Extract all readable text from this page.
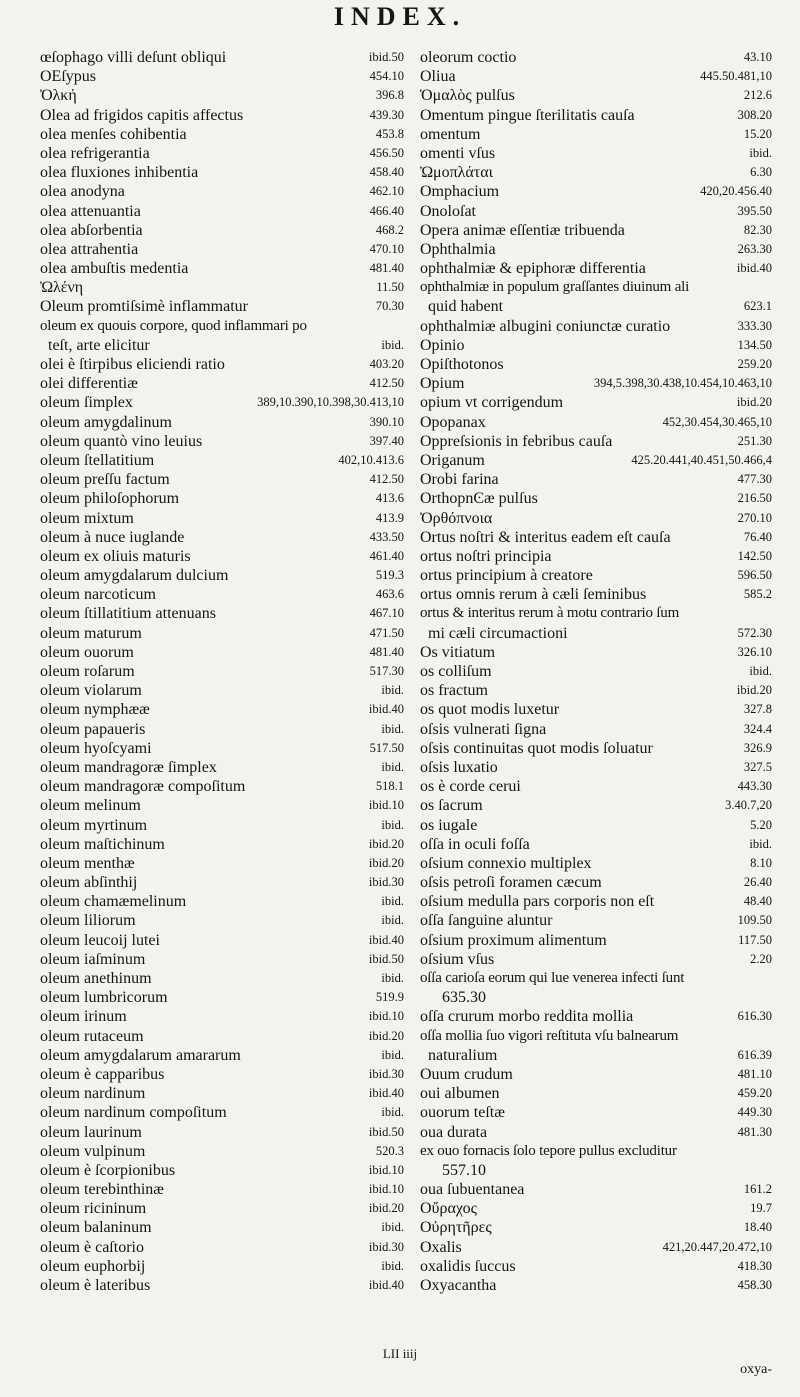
INDEX.
œſophago villi deſunt obliqui	ibid.50
OEſypus	454.10
Ὀλκή	396.8
Olea ad frigidos capitis affectus	439.30
olea menſes cohibentia	453.8
olea refrigerantia	456.50
olea fluxiones inhibentia	458.40
olea anodyna	462.10
olea attenuantia	466.40
olea abſorbentia	468.2
olea attrahentia	470.10
olea ambuſtis medentia	481.40
Ὠλένη	11.50
Oleum promtiſsimè inflammatur	70.30
oleum ex quouis corpore, quod inflammari po
teſt, arte elicitur	ibid.
olei è ſtirpibus eliciendi ratio	403.20
olei differentiæ	412.50
oleum ſimplex	389,10.390,10.398,30.413,10
oleum amygdalinum	390.10
oleum quantò vino leuius	397.40
oleum ſtellatitium	402,10.413.6
oleum preſſu factum	412.50
oleum philoſophorum	413.6
oleum mixtum	413.9
oleum à nuce iuglande	433.50
oleum ex oliuis maturis	461.40
oleum amygdalarum dulcium	519.3
oleum narcoticum	463.6
oleum ſtillatitium attenuans	467.10
oleum maturum	471.50
oleum ouorum	481.40
oleum roſarum	517.30
oleum violarum	ibid.
oleum nymphææ	ibid.40
oleum papaueris	ibid.
oleum hyoſcyami	517.50
oleum mandragoræ ſimplex	ibid.
oleum mandragoræ compoſitum	518.1
oleum melinum	ibid.10
oleum myrtinum	ibid.
oleum maſtichinum	ibid.20
oleum menthæ	ibid.20
oleum abſinthij	ibid.30
oleum chamæmelinum	ibid.
oleum liliorum	ibid.
oleum leucoij lutei	ibid.40
oleum iaſminum	ibid.50
oleum anethinum	ibid.
oleum lumbricorum	519.9
oleum irinum	ibid.10
oleum rutaceum	ibid.20
oleum amygdalarum amararum	ibid.
oleum è capparibus	ibid.30
oleum nardinum	ibid.40
oleum nardinum compoſitum	ibid.
oleum laurinum	ibid.50
oleum vulpinum	520.3
oleum è ſcorpionibus	ibid.10
oleum terebinthinæ	ibid.10
oleum ricininum	ibid.20
oleum balaninum	ibid.
oleum è caſtorio	ibid.30
oleum euphorbij	ibid.
oleum è lateribus	ibid.40
oleorum coctio	43.10
Oliua	445.50.481,10
Ὁμαλὸς pulſus	212.6
Omentum pingue ſterilitatis cauſa	308.20
omentum	15.20
omenti vſus	ibid.
Ὠμοπλάται	6.30
Omphacium	420,20.456.40
Onoloſat	395.50
Opera animæ eſſentiæ tribuenda	82.30
Ophthalmia	263.30
ophthalmiæ & epiphoræ differentia	ibid.40
ophthalmiæ in populum graſſantes diuinum ali
quid habent	623.1
ophthalmiæ albugini coniunctæ curatio	333.30
Opinio	134.50
Opiſthotonos	259.20
Opium	394,5.398,30.438,10.454,10.463,10
opium vt corrigendum	ibid.20
Opopanax	452,30.454,30.465,10
Oppreſsionis in febribus cauſa	251.30
Origanum	425.20.441,40.451,50.466,4
Orobi farina	477.30
OrthopnϾæ pulſus	216.50
Ὀρθόπνοια	270.10
Ortus noſtri & interitus eadem eſt cauſa	76.40
ortus noſtri principia	142.50
ortus principium à creatore	596.50
ortus omnis rerum à cæli ſeminibus	585.2
ortus & interitus rerum à motu contrario ſum
mi cæli circumactioni	572.30
Os vitiatum	326.10
os colliſum	ibid.
os fractum	ibid.20
os quot modis luxetur	327.8
oſsis vulnerati ſigna	324.4
oſsis continuitas quot modis ſoluatur	326.9
oſsis luxatio	327.5
os è corde cerui	443.30
os ſacrum	3.40.7,20
os iugale	5.20
oſſa in oculi foſſa	ibid.
oſsium connexio multiplex	8.10
oſsis petroſi foramen cæcum	26.40
oſsium medulla pars corporis non eſt	48.40
oſſa ſanguine aluntur	109.50
oſsium proximum alimentum	117.50
oſsium vſus	2.20
oſſa carioſa eorum qui lue venerea infecti ſunt
635.30
oſſa crurum morbo reddita mollia	616.30
oſſa mollia ſuo vigori reſtituta vſu balnearum
naturalium	616.39
Ouum crudum	481.10
oui albumen	459.20
ouorum teſtæ	449.30
oua durata	481.30
ex ouo fornacis ſolo tepore pullus excluditur
557.10
oua ſubuentanea	161.2
Οὔραχος	19.7
Οὐρητῆρες	18.40
Oxalis	421,20.447,20.472,10
oxalidis ſuccus	418.30
Oxyacantha	458.30
LII iiij
oxya-
